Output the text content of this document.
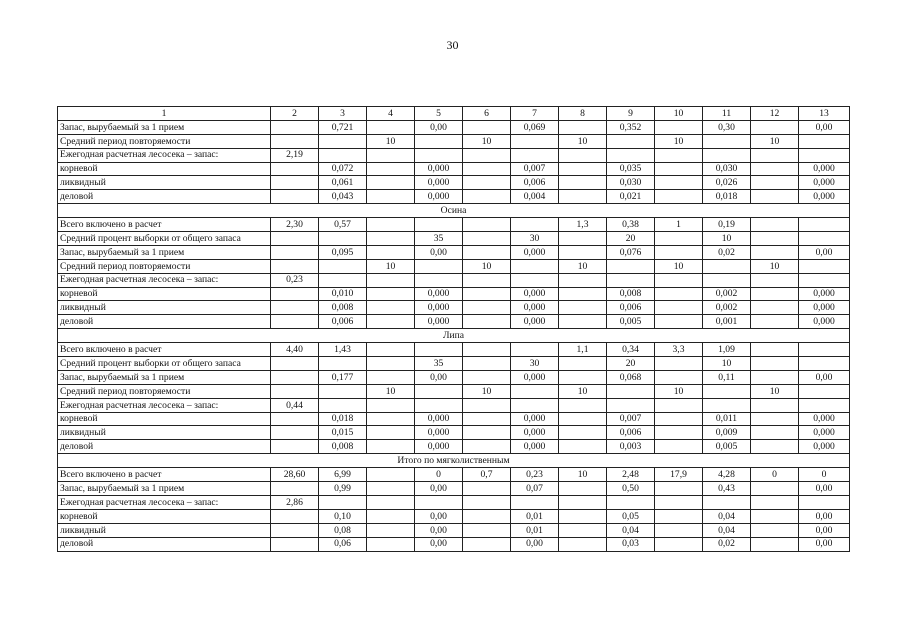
30
1	2	3	4	5	6	7	8	9	10	11	12	13
Запас, вырубаемый за 1 прием		0,721		0,00		0,069		0,352		0,30		0,00
Средний период повторяемости			10		10		10		10		10	
Ежегодная расчетная лесосека – запас:	2,19											
корневой		0,072		0,000		0,007		0,035		0,030		0,000
ликвидный		0,061		0,000		0,006		0,030		0,026		0,000
деловой		0,043		0,000		0,004		0,021		0,018		0,000
Осина												
Всего включено в расчет	2,30	0,57					1,3	0,38	1	0,19		
Средний процент выборки от общего запаса				35		30		20		10		
Запас, вырубаемый за 1 прием		0,095		0,00		0,000		0,076		0,02		0,00
Средний период повторяемости			10		10		10		10		10	
Ежегодная расчетная лесосека – запас:	0,23											
корневой		0,010		0,000		0,000		0,008		0,002		0,000
ликвидный		0,008		0,000		0,000		0,006		0,002		0,000
деловой		0,006		0,000		0,000		0,005		0,001		0,000
Липа												
Всего включено в расчет	4,40	1,43					1,1	0,34	3,3	1,09		
Средний процент выборки от общего запаса				35		30		20		10		
Запас, вырубаемый за 1 прием		0,177		0,00		0,000		0,068		0,11		0,00
Средний период повторяемости			10		10		10		10		10	
Ежегодная расчетная лесосека – запас:	0,44											
корневой		0,018		0,000		0,000		0,007		0,011		0,000
ликвидный		0,015		0,000		0,000		0,006		0,009		0,000
деловой		0,008		0,000		0,000		0,003		0,005		0,000
Итого по мягколиственным												
Всего включено в расчет	28,60	6,99		0	0,7	0,23	10	2,48	17,9	4,28	0	0
Запас, вырубаемый за 1 прием		0,99		0,00		0,07		0,50		0,43		0,00
Ежегодная расчетная лесосека – запас:	2,86											
корневой		0,10		0,00		0,01		0,05		0,04		0,00
ликвидный		0,08		0,00		0,01		0,04		0,04		0,00
деловой		0,06		0,00		0,00		0,03		0,02		0,00
